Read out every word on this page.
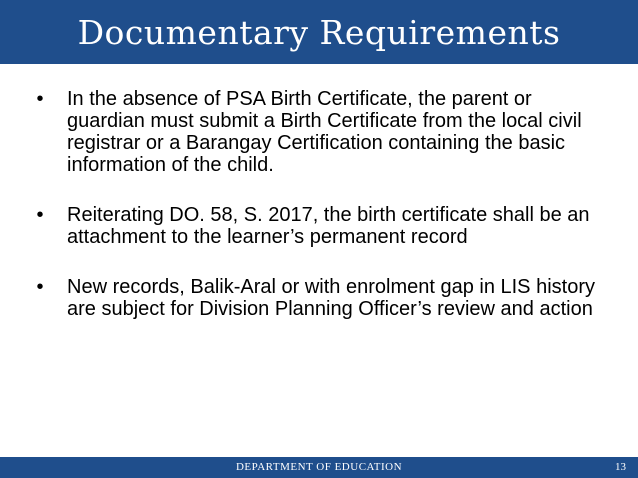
Documentary Requirements
•	In the absence of PSA Birth Certificate, the parent or guardian must submit a Birth Certificate from the local civil registrar or a Barangay Certification containing the basic information of the child.
•	Reiterating DO. 58, S. 2017, the birth certificate shall be an attachment to the learner’s permanent record
•	New records, Balik-Aral or with enrolment gap in LIS history are subject for Division Planning Officer’s review and action
DEPARTMENT OF EDUCATION	13
